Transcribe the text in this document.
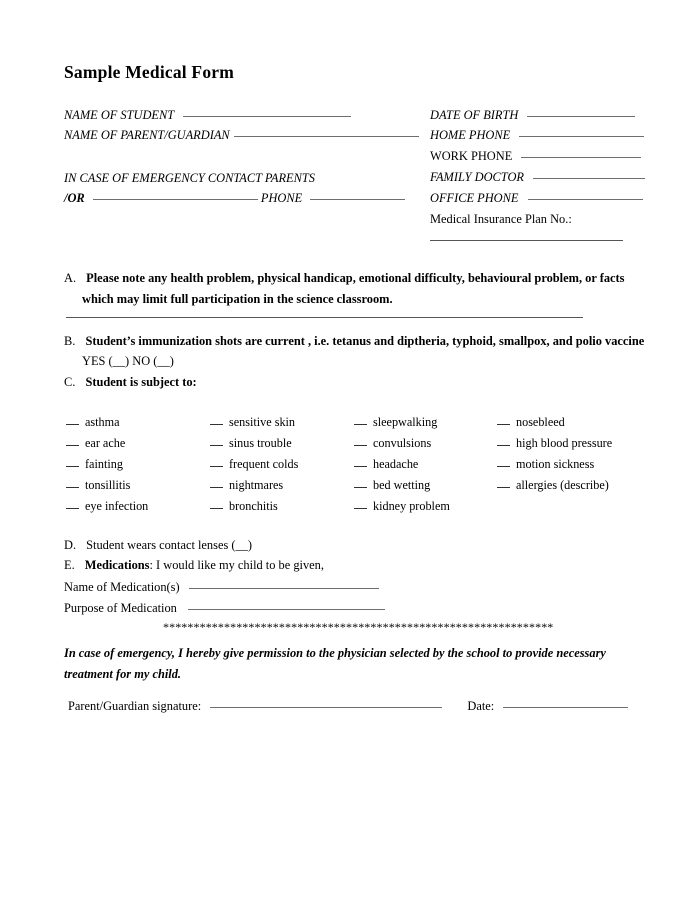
Sample Medical Form
NAME OF STUDENT
NAME OF PARENT/GUARDIAN
IN CASE OF EMERGENCY CONTACT PARENTS
/OR	PHONE
DATE OF BIRTH
HOME PHONE
WORK PHONE
FAMILY DOCTOR
OFFICE PHONE
Medical Insurance Plan No.:
A. Please note any health problem, physical handicap, emotional difficulty, behavioural problem, or facts
which may limit full participation in the science classroom.
B. Student’s immunization shots are current , i.e. tetanus and diptheria, typhoid, smallpox, and polio vaccine
YES (__) NO (__)
C. Student is subject to:
asthma
ear ache
fainting
tonsillitis
eye infection
sensitive skin
sinus trouble
frequent colds
nightmares
bronchitis
sleepwalking
convulsions
headache
bed wetting
kidney problem
nosebleed
high blood pressure
motion sickness
allergies (describe)
D. Student wears contact lenses (__)
E. Medications: I would like my child to be given,
Name of Medication(s)
Purpose of Medication
****************************************************************
In case of emergency, I hereby give permission to the physician selected by the school to provide necessary treatment for my child.
Parent/Guardian signature:	Date:
